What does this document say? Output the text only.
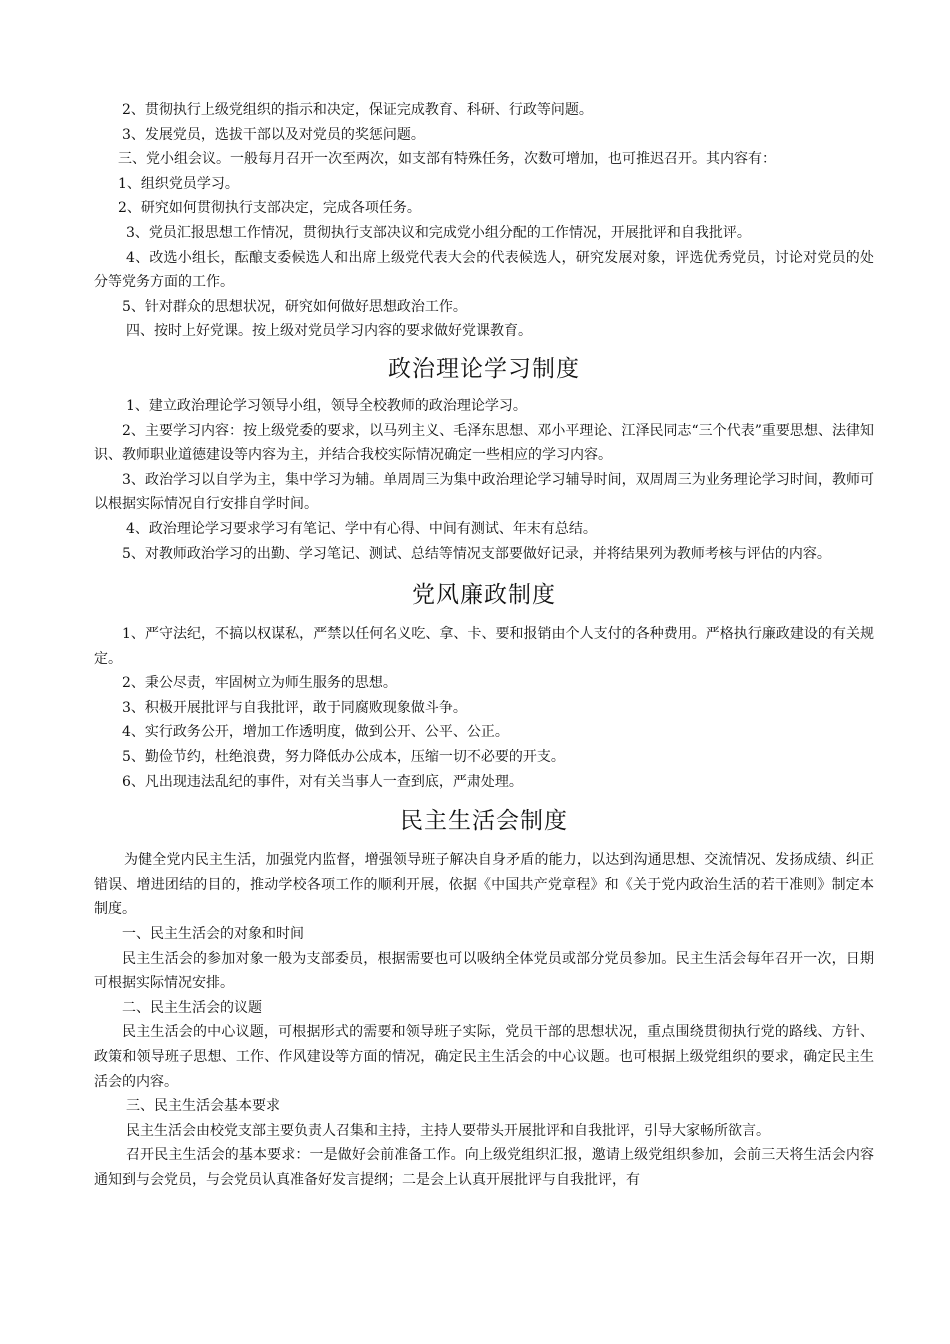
2、贯彻执行上级党组织的指示和决定，保证完成教育、科研、行政等问题。

3、发展党员，选拔干部以及对党员的奖惩问题。

三、党小组会议。一般每月召开一次至两次，如支部有特殊任务，次数可增加，也可推迟召开。其内容有：

1、组织党员学习。

2、研究如何贯彻执行支部决定，完成各项任务。

3、党员汇报思想工作情况，贯彻执行支部决议和完成党小组分配的工作情况，开展批评和自我批评。

4、改选小组长，酝酿支委候选人和出席上级党代表大会的代表候选人，研究发展对象，评选优秀党员，讨论对党员的处分等党务方面的工作。

5、针对群众的思想状况，研究如何做好思想政治工作。

四、按时上好党课。按上级对党员学习内容的要求做好党课教育。

政治理论学习制度

1、建立政治理论学习领导小组，领导全校教师的政治理论学习。

2、主要学习内容：按上级党委的要求，以马列主义、毛泽东思想、邓小平理论、江泽民同志“三个代表”重要思想、法律知识、教师职业道德建设等内容为主，并结合我校实际情况确定一些相应的学习内容。

3、政治学习以自学为主，集中学习为辅。单周周三为集中政治理论学习辅导时间，双周周三为业务理论学习时间，教师可以根据实际情况自行安排自学时间。

4、政治理论学习要求学习有笔记、学中有心得、中间有测试、年末有总结。

5、对教师政治学习的出勤、学习笔记、测试、总结等情况支部要做好记录，并将结果列为教师考核与评估的内容。

党风廉政制度

1、严守法纪，不搞以权谋私，严禁以任何名义吃、拿、卡、要和报销由个人支付的各种费用。严格执行廉政建设的有关规定。

2、秉公尽责，牢固树立为师生服务的思想。

3、积极开展批评与自我批评，敢于同腐败现象做斗争。

4、实行政务公开，增加工作透明度，做到公开、公平、公正。

5、勤俭节约，杜绝浪费，努力降低办公成本，压缩一切不必要的开支。

6、凡出现违法乱纪的事件，对有关当事人一查到底，严肃处理。

民主生活会制度

为健全党内民主生活，加强党内监督，增强领导班子解决自身矛盾的能力，以达到沟通思想、交流情况、发扬成绩、纠正错误、增进团结的目的，推动学校各项工作的顺利开展，依据《中国共产党章程》和《关于党内政治生活的若干准则》制定本制度。

一、民主生活会的对象和时间

民主生活会的参加对象一般为支部委员，根据需要也可以吸纳全体党员或部分党员参加。民主生活会每年召开一次，日期可根据实际情况安排。

二、民主生活会的议题

民主生活会的中心议题，可根据形式的需要和领导班子实际，党员干部的思想状况，重点围绕贯彻执行党的路线、方针、政策和领导班子思想、工作、作风建设等方面的情况，确定民主生活会的中心议题。也可根据上级党组织的要求，确定民主生活会的内容。

三、民主生活会基本要求

民主生活会由校党支部主要负责人召集和主持，主持人要带头开展批评和自我批评，引导大家畅所欲言。

召开民主生活会的基本要求：一是做好会前准备工作。向上级党组织汇报，邀请上级党组织参加，会前三天将生活会内容通知到与会党员，与会党员认真准备好发言提纲；二是会上认真开展批评与自我批评，有
